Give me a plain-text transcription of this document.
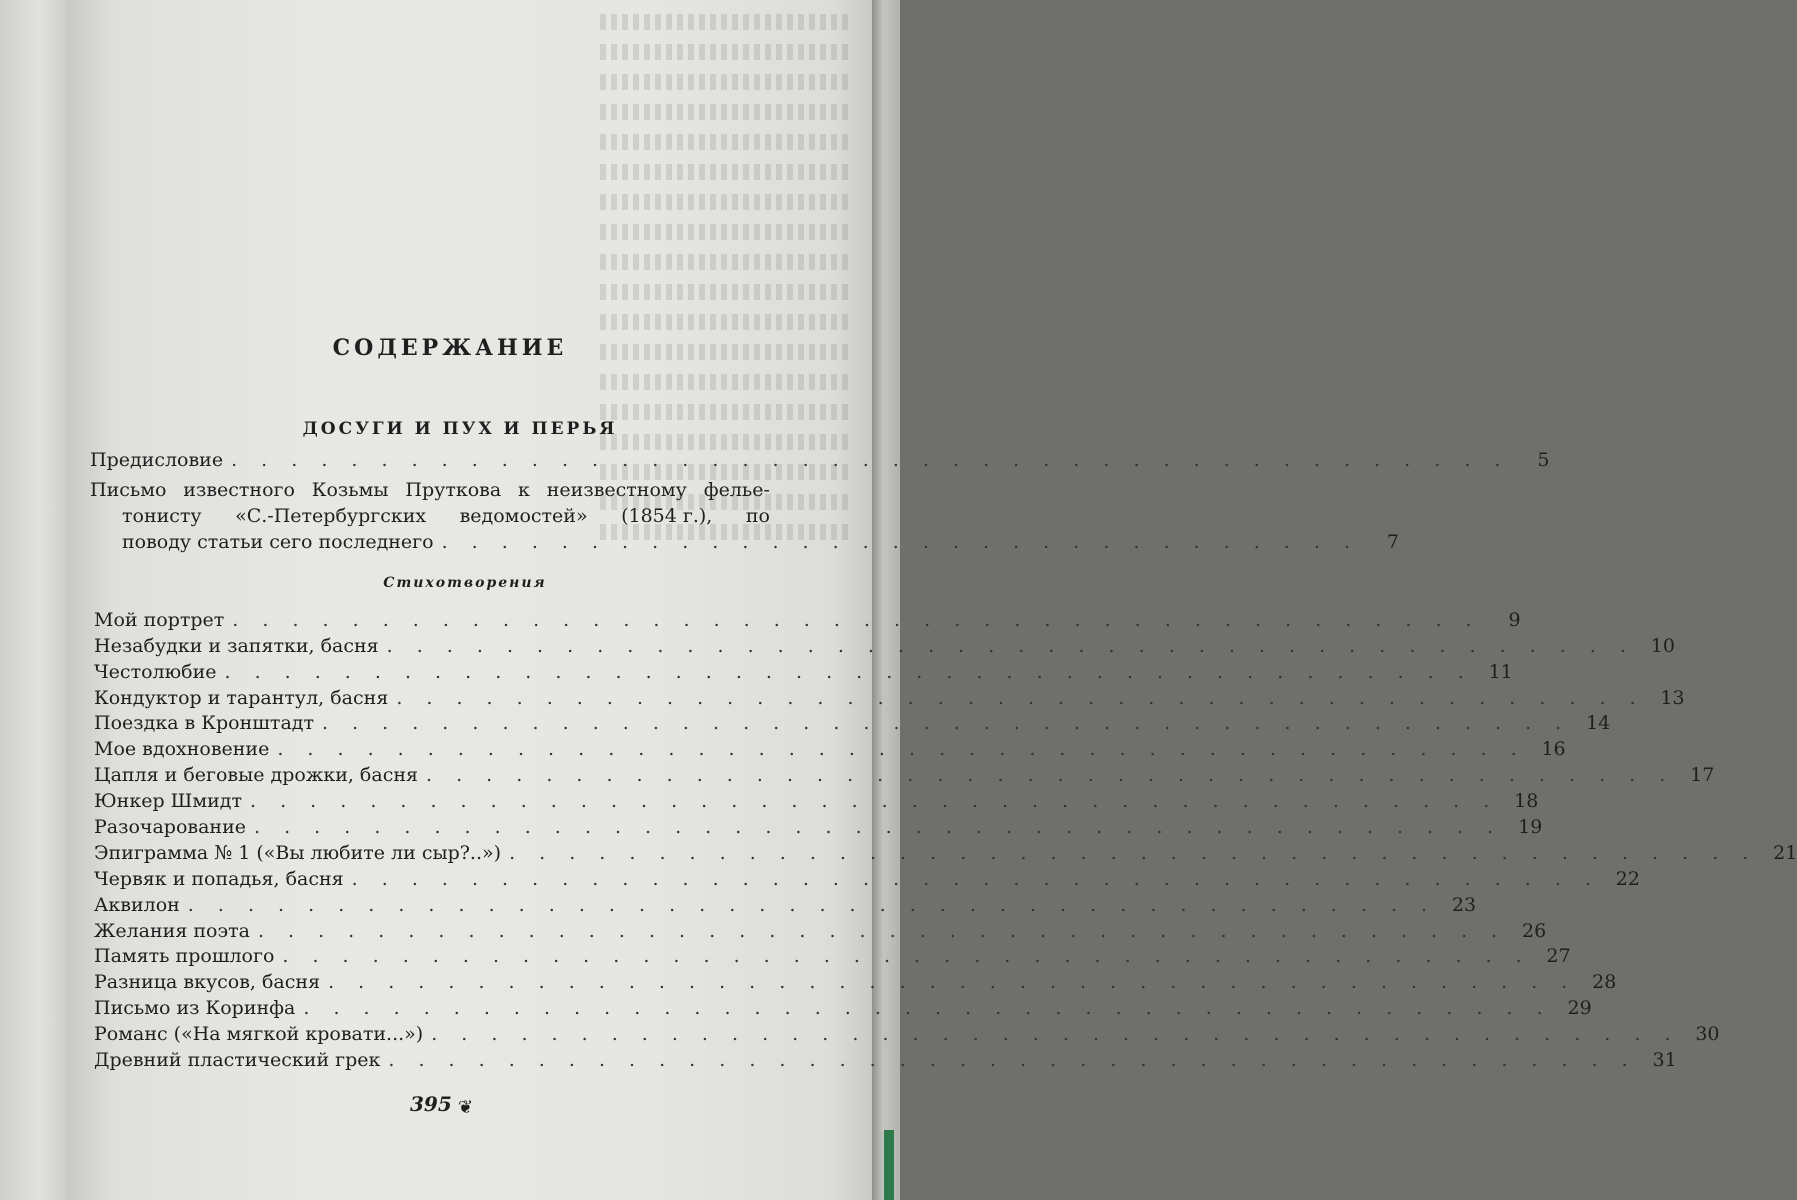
СОДЕРЖАНИЕ
ДОСУГИ И ПУХ И ПЕРЬЯ
Предисловие . . . . . . . . . . . . . . . . . . . . . . . . . . . . . . . . . . . . . . . . . . .	5
Письмо известного Козьмы Пруткова к неизвестному фелье-
тонисту «С.-Петербургских ведомостей» (1854 г.), по
поводу статьи сего последнего . . . . . . . . . . . . . . . . . . . . . . . . . . . . . . .	7
Стихотворения
Мой портрет . . . . . . . . . . . . . . . . . . . . . . . . . . . . . . . . . . . . . . . . . .	9
Незабудки и запятки, басня . . . . . . . . . . . . . . . . . . . . . . . . . . . . . . . . . . . . . . . . . . 10
Честолюбие . . . . . . . . . . . . . . . . . . . . . . . . . . . . . . . . . . . . . . . . . . 11
Кондуктор и тарантул, басня . . . . . . . . . . . . . . . . . . . . . . . . . . . . . . . . . . . . . . . . . . 13
Поездка в Кронштадт . . . . . . . . . . . . . . . . . . . . . . . . . . . . . . . . . . . . . . . . . . 14
Мое вдохновение . . . . . . . . . . . . . . . . . . . . . . . . . . . . . . . . . . . . . . . . . . 16
Цапля и беговые дрожки, басня . . . . . . . . . . . . . . . . . . . . . . . . . . . . . . . . . . . . . . . . . . 17
Юнкер Шмидт . . . . . . . . . . . . . . . . . . . . . . . . . . . . . . . . . . . . . . . . . . 18
Разочарование . . . . . . . . . . . . . . . . . . . . . . . . . . . . . . . . . . . . . . . . . . 19
Эпиграмма № 1 («Вы любите ли сыр?..») . . . . . . . . . . . . . . . . . . . . . . . . . . . . . . . . . . . . . . . . . . 21
Червяк и попадья, басня . . . . . . . . . . . . . . . . . . . . . . . . . . . . . . . . . . . . . . . . . . 22
Аквилон . . . . . . . . . . . . . . . . . . . . . . . . . . . . . . . . . . . . . . . . . . 23
Желания поэта . . . . . . . . . . . . . . . . . . . . . . . . . . . . . . . . . . . . . . . . . . 26
Память прошлого . . . . . . . . . . . . . . . . . . . . . . . . . . . . . . . . . . . . . . . . . . 27
Разница вкусов, басня . . . . . . . . . . . . . . . . . . . . . . . . . . . . . . . . . . . . . . . . . . 28
Письмо из Коринфа . . . . . . . . . . . . . . . . . . . . . . . . . . . . . . . . . . . . . . . . . . 29
Романс («На мягкой кровати...») . . . . . . . . . . . . . . . . . . . . . . . . . . . . . . . . . . . . . . . . . . 30
Древний пластический грек . . . . . . . . . . . . . . . . . . . . . . . . . . . . . . . . . . . . . . . . . . 31
395 ❦
